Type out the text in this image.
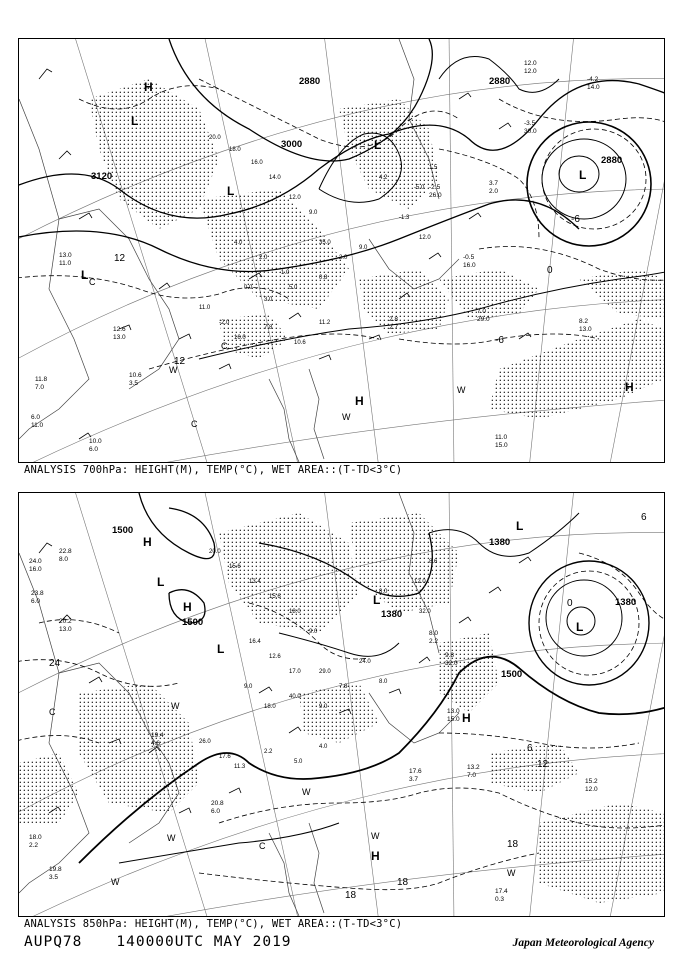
20.0
18.0
16.0
14.0
12.0
9.0
4.0
2.0
-1.0
0.0
3.0
5.0
35.0
2.0
0.8
9.0
-1.3
12.0
-5.0
1.5
4.2
11.0
-2.0
16.0
7.8
10.6
11.2
3120
3000
2880	2880
2880
12
-6
0
-6
12
L
L
L
L
L
H
H
H
W
W
W
C
C
C
13.0
11.0
12.6
13.0
11.8
7.0
10.6
3.5
10.0
6.0
6.0
11.0
2.8
2.7
7.0
29.0	8.2
13.0
11.0
15.0
-2.5
26.0
3.7
2.0
-0.5
16.0
12.0
12.0
-3.5
30.0
-4.2
14.0
ANALYSIS 700hPa: HEIGHT(M), TEMP(°C), WET AREA::(T-TD<3°C)
20.0
15.6
13.4
15.6
18.0
9.0
16.4
12.6
17.0
9.0
18.0
40.0
29.0
7.8
9.0
24.0
8.0
32.0
12.0
8.6
8.0
26.0
17.6
11.3
2.2
5.0
4.0
1500
1500
1500
1380
1380
1380
24
18
18
18
12
6
0
6
H
H
H
H
L
L
L
L
L
W
W
W
W
W
W
C
C
24.0
16.0
22.8
8.0
23.8
6.0
20.2
13.0
19.4
4.6
20.8
6.0
18.0
2.2
19.8
3.5
17.6
3.7
13.2
7.0
15.2
12.0
17.4
0.3
9.8
32.0
13.0
15.0
8.0
2.2
ANALYSIS 850hPa: HEIGHT(M), TEMP(°C), WET AREA::(T-TD<3°C)
AUPQ78 140000UTC MAY 2019	Japan Meteorological Agency
